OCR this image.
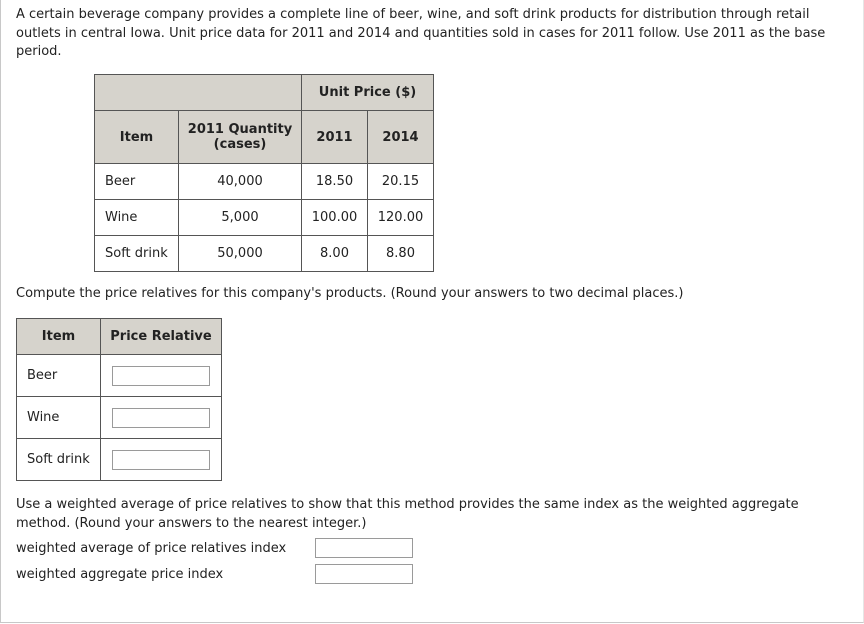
A certain beverage company provides a complete line of beer, wine, and soft drink products for distribution through retail outlets in central Iowa. Unit price data for 2011 and 2014 and quantities sold in cases for 2011 follow. Use 2011 as the base period.

		Unit Price ($)	
Item	2011 Quantity (cases)	2011	2014
Beer	40,000	18.50	20.15
Wine	5,000	100.00	120.00
Soft drink	50,000	8.00	8.80

Compute the price relatives for this company's products. (Round your answers to two decimal places.)

Item	Price Relative
Beer	
Wine	
Soft drink	

Use a weighted average of price relatives to show that this method provides the same index as the weighted aggregate method. (Round your answers to the nearest integer.)

weighted average of price relatives index
weighted aggregate price index
